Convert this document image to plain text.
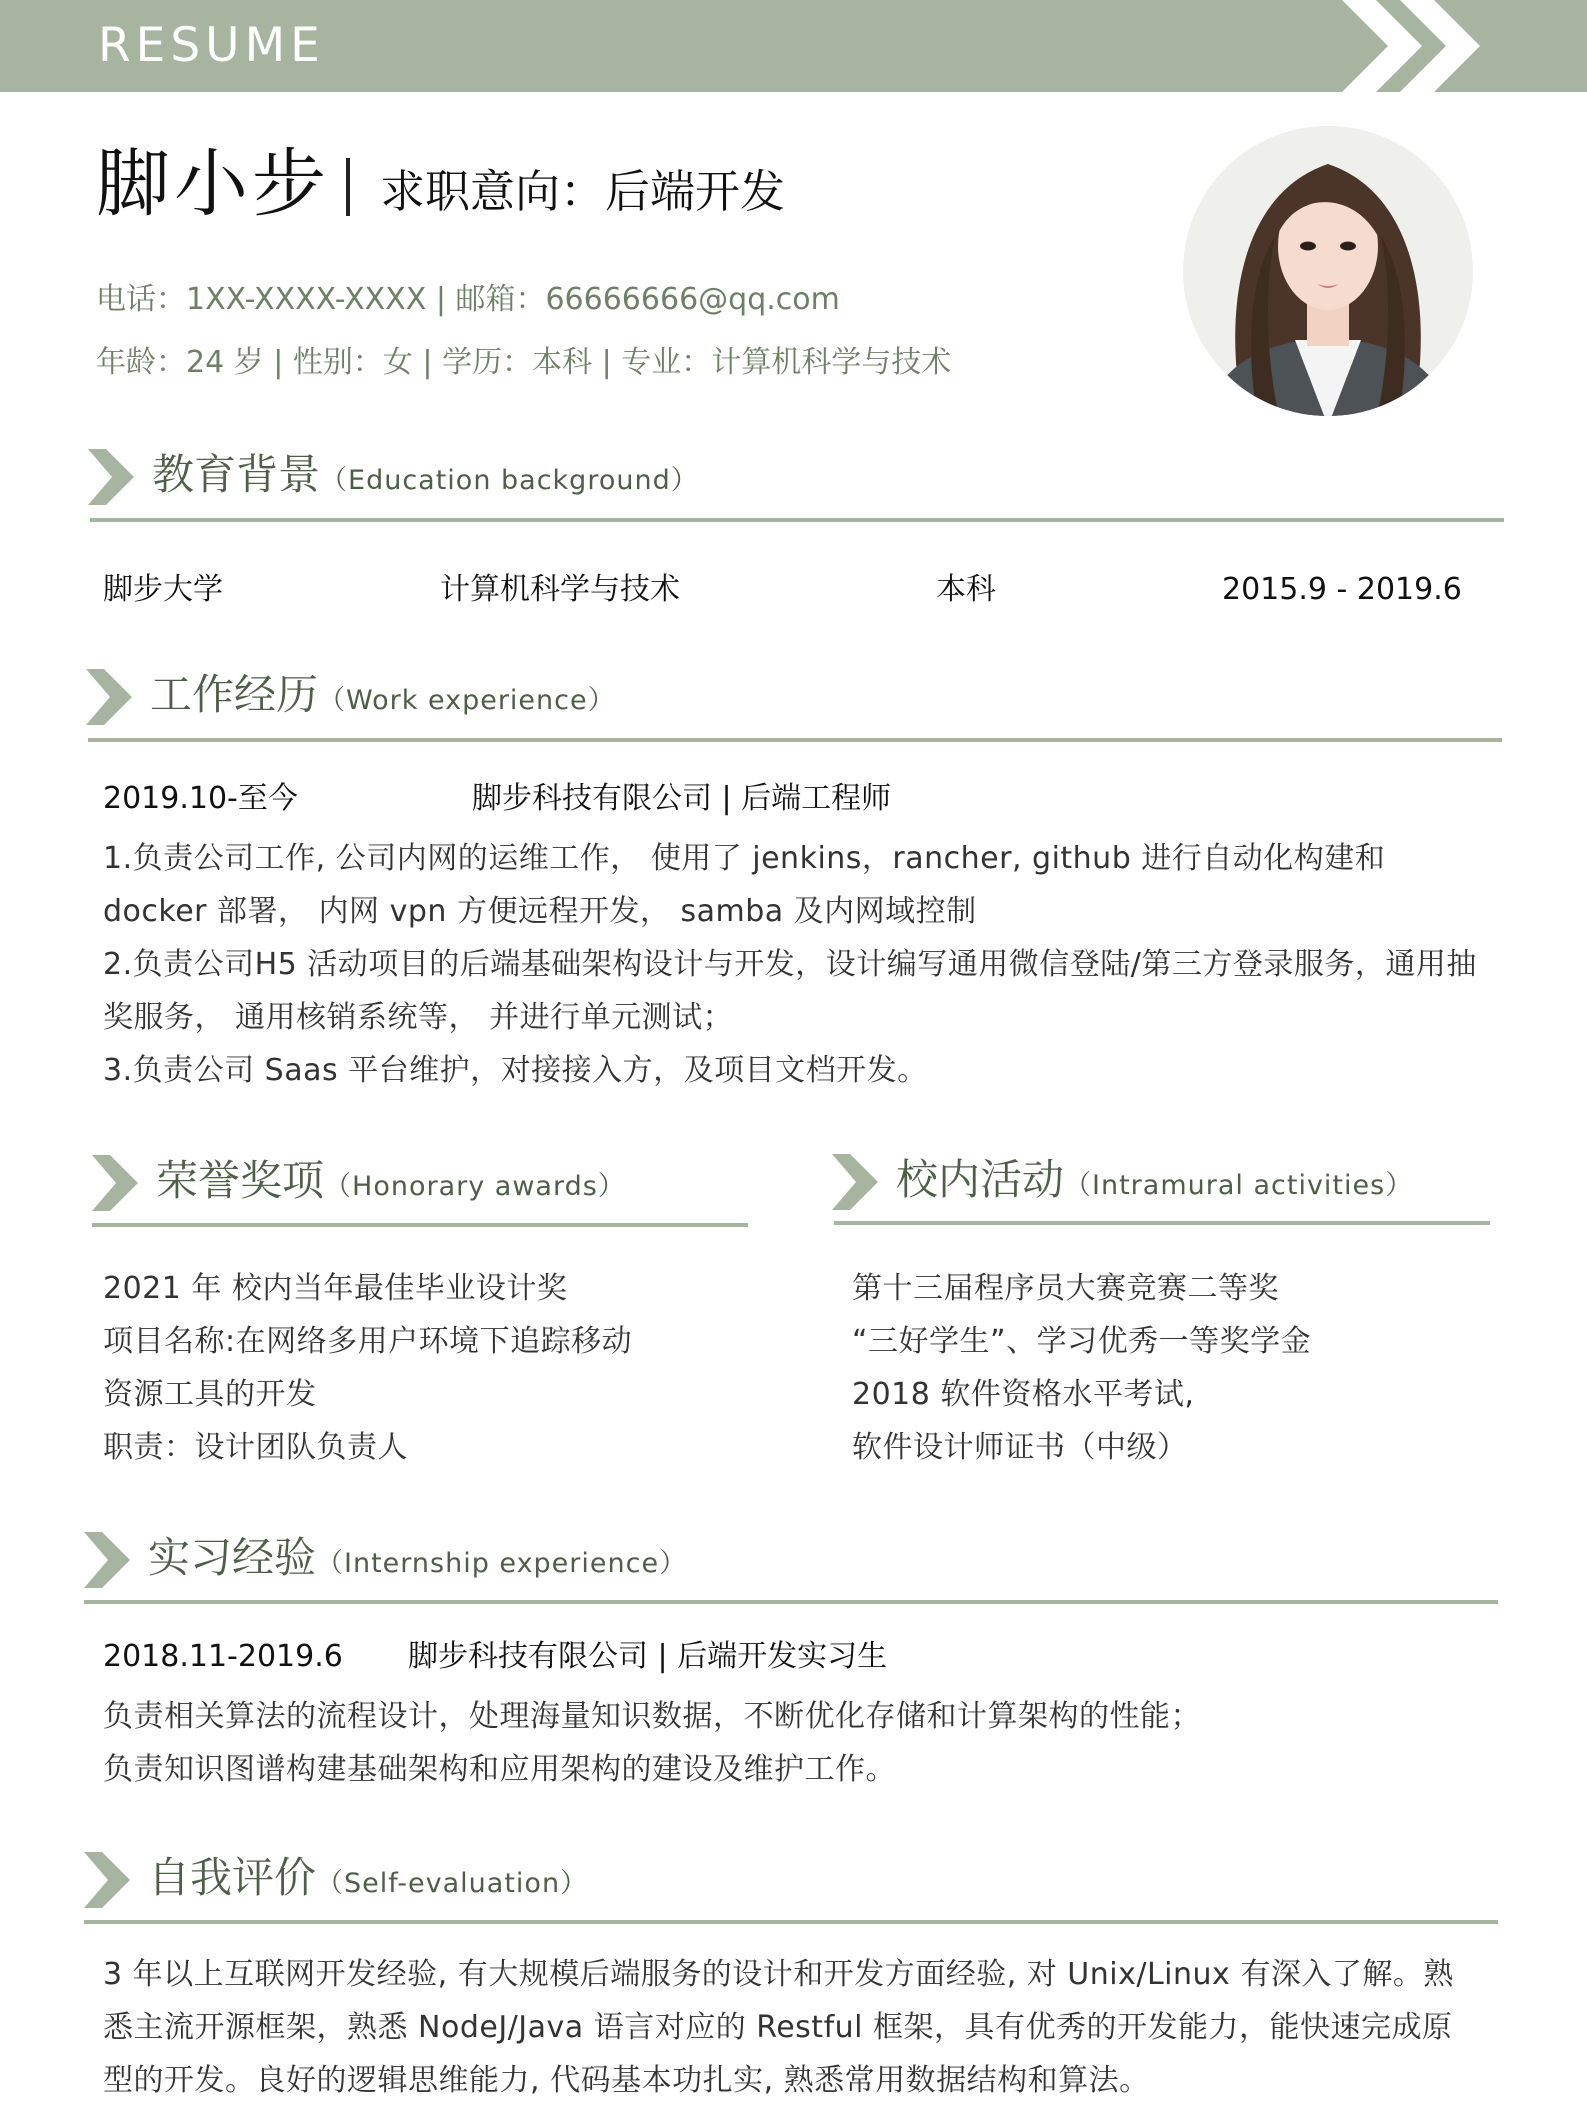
RESUME
脚小步 求职意向：后端开发
电话：1XX-XXXX-XXXX | 邮箱：66666666@qq.com
年龄：24 岁 | 性别：女 | 学历：本科 | 专业：计算机科学与技术
教育背景（Education background）
脚步大学	计算机科学与技术	本科	2015.9 - 2019.6
工作经历（Work experience）
2019.10-至今	脚步科技有限公司 | 后端工程师
1.负责公司工作, 公司内网的运维工作， 使用了 jenkins，rancher, github 进行自动化构建和docker 部署， 内网 vpn 方便远程开发， samba 及内网域控制
2.负责公司H5 活动项目的后端基础架构设计与开发，设计编写通用微信登陆/第三方登录服务，通用抽奖服务， 通用核销系统等， 并进行单元测试；
3.负责公司 Saas 平台维护，对接接入方，及项目文档开发。
荣誉奖项（Honorary awards）
2021 年 校内当年最佳毕业设计奖
项目名称:在网络多用户环境下追踪移动
资源工具的开发
职责：设计团队负责人
校内活动（Intramural activities）
第十三届程序员大赛竞赛二等奖
“三好学生”、学习优秀一等奖学金
2018 软件资格水平考试,
软件设计师证书（中级）
实习经验（Internship experience）
2018.11-2019.6 脚步科技有限公司 | 后端开发实习生
负责相关算法的流程设计，处理海量知识数据，不断优化存储和计算架构的性能；
负责知识图谱构建基础架构和应用架构的建设及维护工作。
自我评价（Self-evaluation）
3 年以上互联网开发经验, 有大规模后端服务的设计和开发方面经验, 对 Unix/Linux 有深入了解。熟悉主流开源框架，熟悉 NodeJ/Java 语言对应的 Restful 框架，具有优秀的开发能力，能快速完成原型的开发。良好的逻辑思维能力, 代码基本功扎实, 熟悉常用数据结构和算法。
